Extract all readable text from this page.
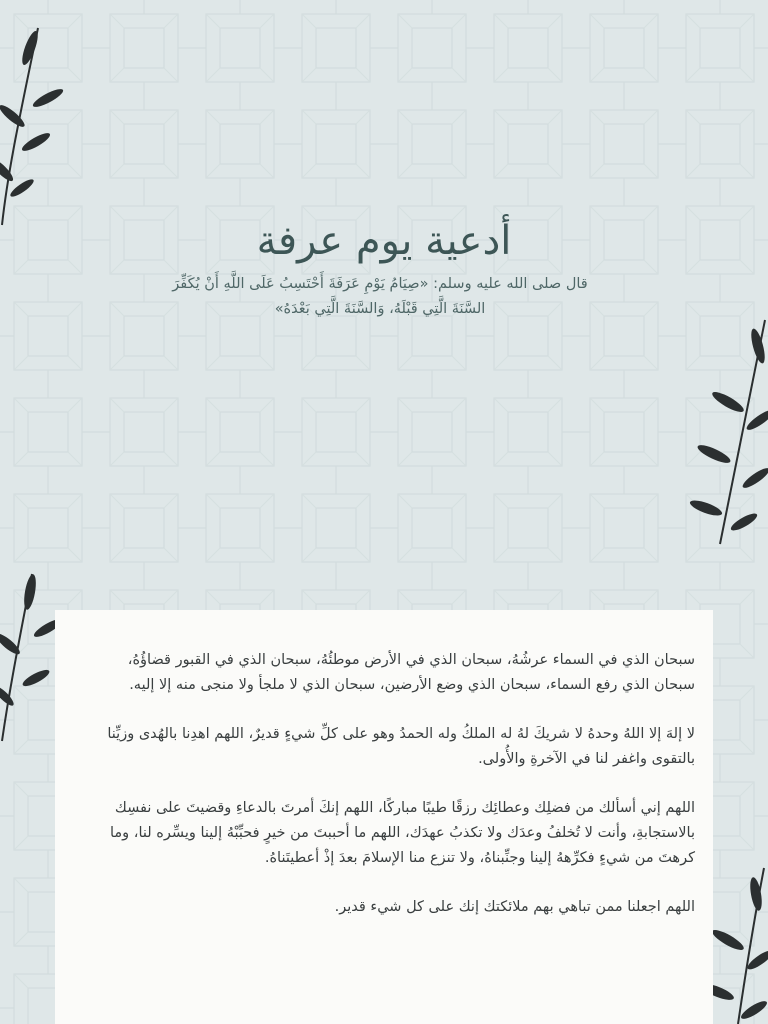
أدعية يوم عرفة

قال صلى الله عليه وسلم: «صِيَامُ يَوْمِ عَرَفَةَ أَحْتَسِبُ عَلَى اللَّهِ أَنْ يُكَفِّرَ السَّنَةَ الَّتِي قَبْلَهُ، وَالسَّنَةَ الَّتِي بَعْدَهُ»

سبحان الذي في السماء عرشُهُ، سبحان الذي في الأرض موطئُهُ، سبحان الذي في القبور قضاؤُهُ، سبحان الذي رفع السماء، سبحان الذي وضع الأرضين، سبحان الذي لا ملجأ ولا منجى منه إلا إليه.

لا إلهَ إلا اللهُ وحدهُ لا شريكَ لهُ له الملكُ وله الحمدُ وهو على كلِّ شيءٍ قديرٌ، اللهم اهدِنا بالهُدى وزيِّنا بالتقوى واغفر لنا في الآخرةِ والأُولى.

اللهم إني أسألك من فضلِك وعطائِك رزقًا طيبًا مباركًا، اللهم إنكَ أمرتَ بالدعاءِ وقضيتَ على نفسِك بالاستجابةِ، وأنت لا تُخلفُ وعدَك ولا تكذبُ عهدَك، اللهم ما أحببتَ من خيرٍ فحبِّبْهُ إلينا ويسِّره لنا، وما كرهتَ من شيءٍ فكرِّههُ إلينا وجنِّبناهُ، ولا تنزع منا الإسلامَ بعدَ إذْ أعطيتَناهُ.

اللهم اجعلنا ممن تباهي بهم ملائكتك إنك على كل شيء قدير.
